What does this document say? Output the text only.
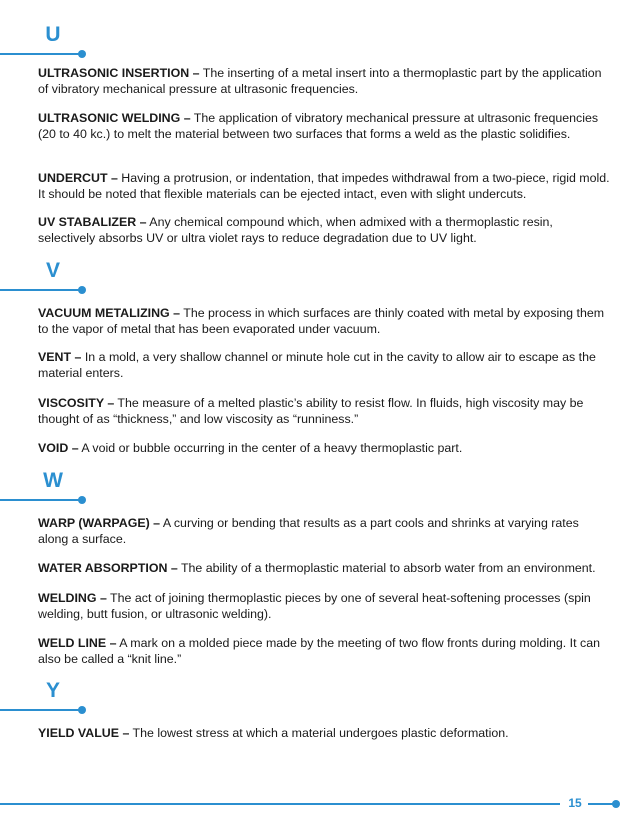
U
ULTRASONIC INSERTION – The inserting of a metal insert into a thermoplastic part by the application of vibratory mechanical pressure at ultrasonic frequencies.
ULTRASONIC WELDING – The application of vibratory mechanical pressure at ultrasonic frequencies (20 to 40 kc.) to melt the material between two surfaces that forms a weld as the plastic solidifies.
UNDERCUT – Having a protrusion, or indentation, that impedes withdrawal from a two-piece, rigid mold. It should be noted that flexible materials can be ejected intact, even with slight undercuts.
UV STABALIZER – Any chemical compound which, when admixed with a thermoplastic resin, selectively absorbs UV or ultra violet rays to reduce degradation due to UV light.
V
VACUUM METALIZING – The process in which surfaces are thinly coated with metal by exposing them to the vapor of metal that has been evaporated under vacuum.
VENT – In a mold, a very shallow channel or minute hole cut in the cavity to allow air to escape as the material enters.
VISCOSITY – The measure of a melted plastic’s ability to resist flow. In fluids, high viscosity may be thought of as “thickness,” and low viscosity as “runniness.”
VOID – A void or bubble occurring in the center of a heavy thermoplastic part.
W
WARP (WARPAGE) – A curving or bending that results as a part cools and shrinks at varying rates along a surface.
WATER ABSORPTION – The ability of a thermoplastic material to absorb water from an environment.
WELDING – The act of joining thermoplastic pieces by one of several heat-softening processes (spin welding, butt fusion, or ultrasonic welding).
WELD LINE – A mark on a molded piece made by the meeting of two flow fronts during molding. It can also be called a “knit line.”
Y
YIELD VALUE – The lowest stress at which a material undergoes plastic deformation.
15
